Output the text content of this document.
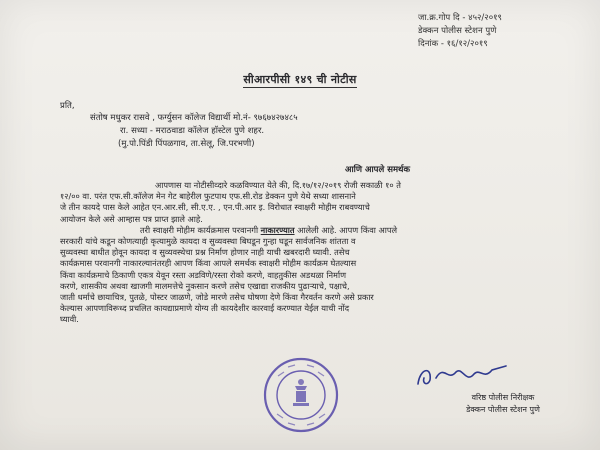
जा.क्र.गोप दि - ४५२/२०१९
डेक्कन पोलीस स्टेशन पुणे
दिनांक - १६/१२/२०१९
सीआरपीसी १४९ ची नोटीस
प्रति,
संतोष मधुकर रासवे , फर्ग्युसन कॉलेज विद्यार्थी मो.नं- ९७६७४२७४८५
रा. सध्या - मराठवाडा कॉलेज हॉस्टेल पुणे शहर.
(मु.पो.पिंडी पिंपळगाव, ता.सेलू, जि.परभणी)
आणि आपले समर्थक
आपणास या नोटीसीव्दारे कळविण्यात येते की, दि.१७/१२/२०१९ रोजी सकाळी १० ते
१२/०० वा. परंत एफ.सी.कॉलेज मेन गेट बाहेरील फुटपाथ एफ.सी.रोड डेक्कन पुणे येथे सध्या शासनाने
जे तीन कायदे पास केले आहेत एन.आर.सी, सी.ए.ए. , एन.पी.आर इ. विरोधात स्वाक्षरी मोहीम राबवण्याचे
आयोजन केले असे आम्हास पत्र प्राप्त झाले आहे.
तरी स्वाक्षरी मोहीम कार्यक्रमास परवानगी नाकारण्यात आलेली आहे. आपण किंवा आपले
सरकारी यांचे कडून कोणत्याही कृत्यामुळे कायदा व सुव्यवस्था बिघडून गुन्हा घडून सार्वजनिक शांतता व
सुव्यवस्था बाधीत होवून कायदा व सुव्यवस्थेचा प्रश्न निर्माण होणार नाही याची खबरदारी घ्यावी. तसेच
कार्यक्रमास परवानगी नाकारल्यानंतरही आपण किंवा आपले समर्थक स्वाक्षरी मोहीम कार्यक्रम घेतल्यास
किंवा कार्यक्रमाचे ठिकाणी एकत्र येवून रस्ता अडविणे/रस्ता रोको करणे, वाहतुकीस अडथळा निर्माण
करणे, शासकीय अथवा खाजगी मालमत्तेचे नुकसान करणे तसेच एखाद्या राजकीय पुढाऱ्याचे, पक्षाचे,
जाती धर्माचे छायाचित्र, पुतळे, पोस्टर जाळणे, जोडे मारणे तसेच घोषणा देणे किंवा गैरवर्तन करणे असे प्रकार
केल्यास आपणाविरूध्द प्रचलित कायद्याप्रमाणे योग्य ती कायदेशीर कारवाई करण्यात येईल याची नोंद
घ्यावी.
वरिष्ठ पोलीस निरीक्षक
डेक्कन पोलीस स्टेशन पुणे
